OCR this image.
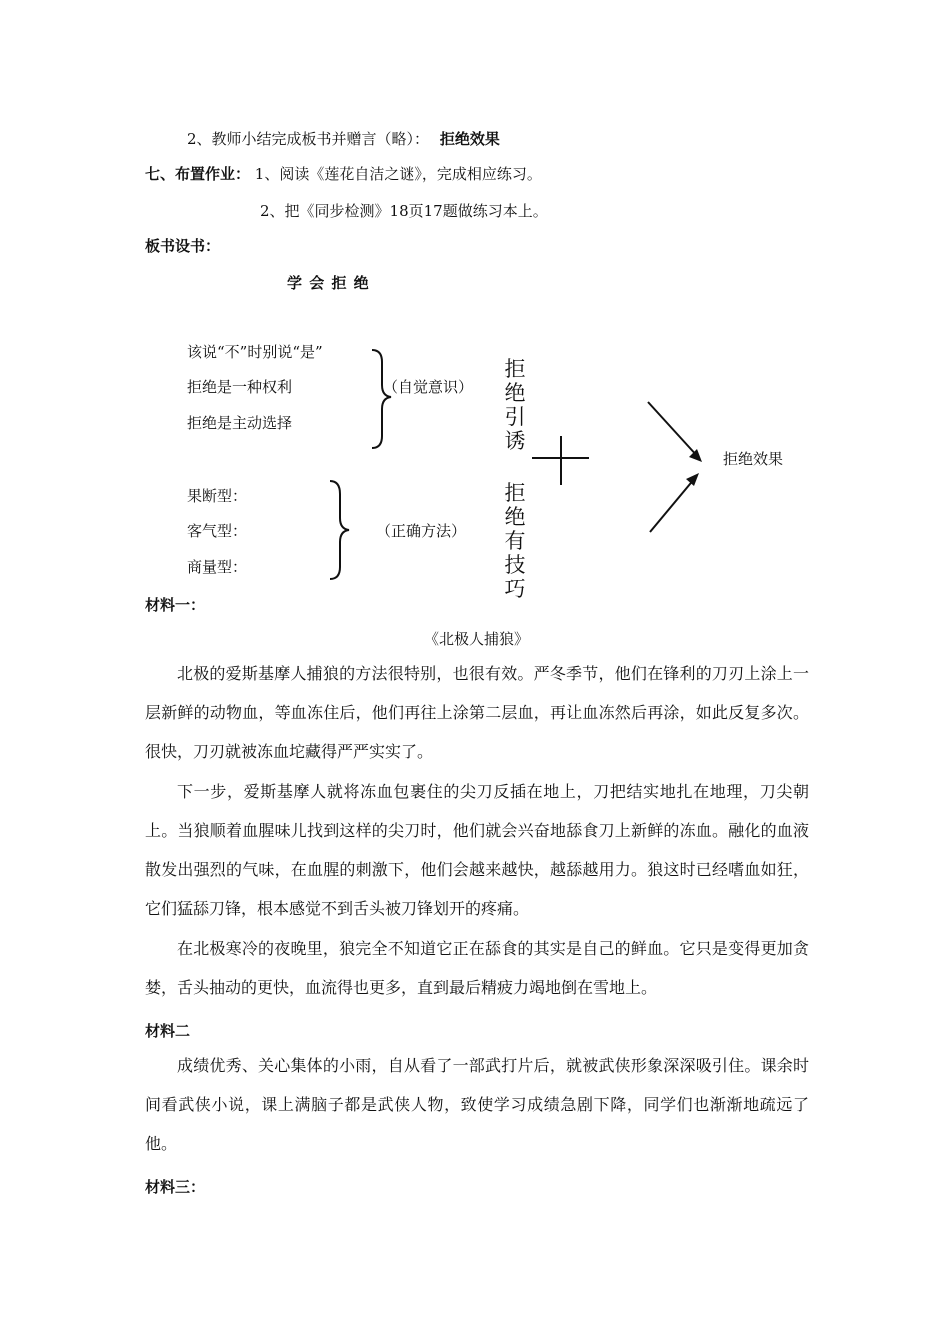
2、教师小结完成板书并赠言（略）： 拒绝效果
七、布置作业： 1、阅读《莲花自洁之谜》，完成相应练习。
2、把《同步检测》18页17题做练习本上。
板书设书：
学 会 拒 绝
该说“不”时别说“是”
拒绝是一种权利
拒绝是主动选择
（自觉意识）
果断型：
客气型：
商量型：
（正确方法）
拒绝引诱
拒绝有技巧
拒绝效果
材料一：
《北极人捕狼》
北极的爱斯基摩人捕狼的方法很特别，也很有效。严冬季节，他们在锋利的刀刃上涂上一层新鲜的动物血，等血冻住后，他们再往上涂第二层血，再让血冻然后再涂，如此反复多次。很快，刀刃就被冻血坨藏得严严实实了。
下一步，爱斯基摩人就将冻血包裹住的尖刀反插在地上，刀把结实地扎在地理，刀尖朝上。当狼顺着血腥味儿找到这样的尖刀时，他们就会兴奋地舔食刀上新鲜的冻血。融化的血液散发出强烈的气味，在血腥的刺激下，他们会越来越快，越舔越用力。狼这时已经嗜血如狂，它们猛舔刀锋，根本感觉不到舌头被刀锋划开的疼痛。
在北极寒冷的夜晚里，狼完全不知道它正在舔食的其实是自己的鲜血。它只是变得更加贪婪，舌头抽动的更快，血流得也更多，直到最后精疲力竭地倒在雪地上。
材料二
成绩优秀、关心集体的小雨，自从看了一部武打片后，就被武侠形象深深吸引住。课余时间看武侠小说，课上满脑子都是武侠人物，致使学习成绩急剧下降，同学们也渐渐地疏远了他。
材料三：
